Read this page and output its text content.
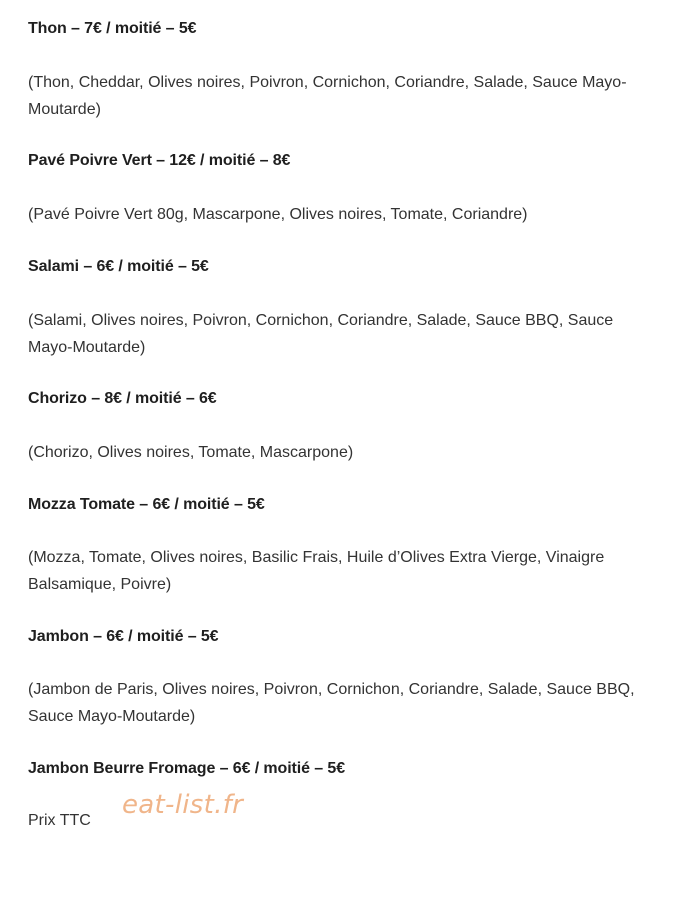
Thon – 7€ / moitié – 5€
(Thon, Cheddar, Olives noires, Poivron, Cornichon, Coriandre, Salade, Sauce Mayo-Moutarde)
Pavé Poivre Vert – 12€ / moitié – 8€
(Pavé Poivre Vert 80g, Mascarpone, Olives noires, Tomate, Coriandre)
Salami – 6€ / moitié – 5€
(Salami, Olives noires, Poivron, Cornichon, Coriandre, Salade, Sauce BBQ, Sauce Mayo-Moutarde)
Chorizo – 8€ / moitié – 6€
(Chorizo, Olives noires, Tomate, Mascarpone)
Mozza Tomate – 6€ / moitié – 5€
(Mozza, Tomate, Olives noires, Basilic Frais, Huile d’Olives Extra Vierge, Vinaigre Balsamique, Poivre)
Jambon – 6€ / moitié – 5€
(Jambon de Paris, Olives noires, Poivron, Cornichon, Coriandre, Salade, Sauce BBQ, Sauce Mayo-Moutarde)
Jambon Beurre Fromage – 6€ / moitié – 5€
Prix TTC
eat-list.fr
